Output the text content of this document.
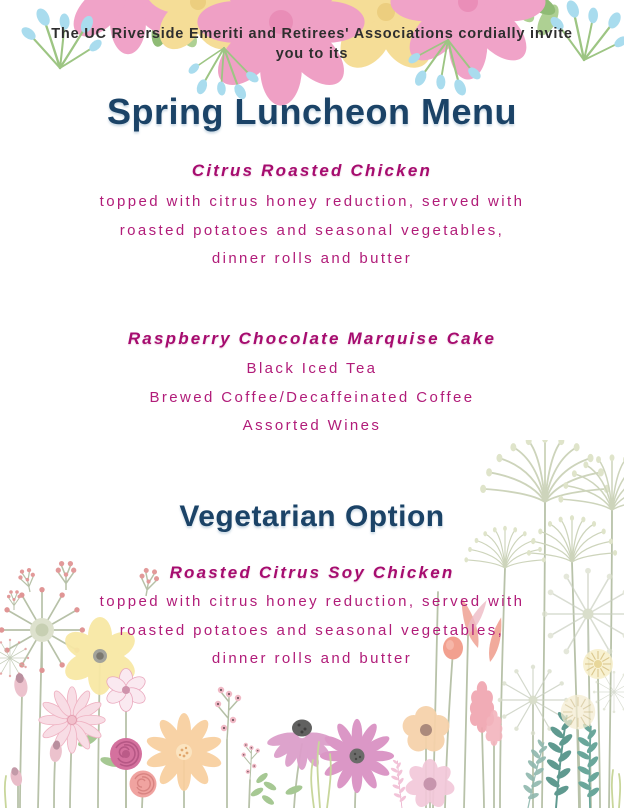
The UC Riverside Emeriti and Retirees' Associations cordially invite
you to its
Spring Luncheon Menu
Citrus Roasted Chicken
topped with citrus honey reduction, served with
roasted potatoes and seasonal vegetables,
dinner rolls and butter
Raspberry Chocolate Marquise Cake
Black Iced Tea
Brewed Coffee/Decaffeinated Coffee
Assorted Wines
Vegetarian Option
Roasted Citrus Soy Chicken
topped with citrus honey reduction, served with
roasted potatoes and seasonal vegetables,
dinner rolls and butter
